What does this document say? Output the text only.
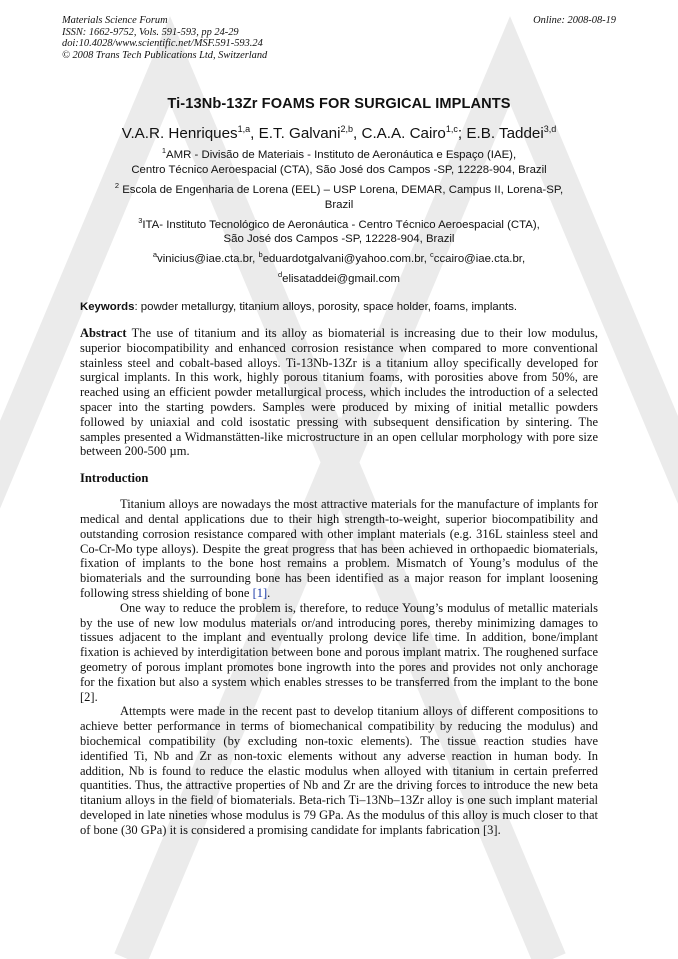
Materials Science Forum
ISSN: 1662-9752, Vols. 591-593, pp 24-29
doi:10.4028/www.scientific.net/MSF.591-593.24
© 2008 Trans Tech Publications Ltd, Switzerland
Online: 2008-08-19
Ti-13Nb-13Zr FOAMS FOR SURGICAL IMPLANTS
V.A.R. Henriques$^{1,a}$, E.T. Galvani$^{2,b}$, C.A.A. Cairo$^{1,c}$; E.B. Taddei$^{3,d}$
$^1$AMR - Divisão de Materiais - Instituto de Aeronáutica e Espaço (IAE),
Centro Técnico Aeroespacial (CTA), São José dos Campos -SP, 12228-904, Brazil
$^2$ Escola de Engenharia de Lorena (EEL) – USP Lorena, DEMAR, Campus II, Lorena-SP,
Brazil
$^3$ITA- Instituto Tecnológico de Aeronáutica - Centro Técnico Aeroespacial (CTA),
São José dos Campos -SP, 12228-904, Brazil
$^a$vinicius@iae.cta.br, $^b$eduardotgalvani@yahoo.com.br, $^c$ccairo@iae.cta.br,
$^d$elisataddei@gmail.com
Keywords: powder metallurgy, titanium alloys, porosity, space holder, foams, implants.
Abstract The use of titanium and its alloy as biomaterial is increasing due to their low modulus, superior biocompatibility and enhanced corrosion resistance when compared to more conventional stainless steel and cobalt-based alloys. Ti-13Nb-13Zr is a titanium alloy specifically developed for surgical implants. In this work, highly porous titanium foams, with porosities above from 50%, are reached using an efficient powder metallurgical process, which includes the introduction of a selected spacer into the starting powders. Samples were produced by mixing of initial metallic powders followed by uniaxial and cold isostatic pressing with subsequent densification by sintering. The samples presented a Widmanstätten-like microstructure in an open cellular morphology with pore size between 200-500 µm.
Introduction

Titanium alloys are nowadays the most attractive materials for the manufacture of implants for medical and dental applications due to their high strength-to-weight, superior biocompatibility and outstanding corrosion resistance compared with other implant materials (e.g. 316L stainless steel and Co-Cr-Mo type alloys). Despite the great progress that has been achieved in orthopaedic biomaterials, fixation of implants to the bone host remains a problem. Mismatch of Young’s modulus of the biomaterials and the surrounding bone has been identified as a major reason for implant loosening following stress shielding of bone [1].

One way to reduce the problem is, therefore, to reduce Young’s modulus of metallic materials by the use of new low modulus materials or/and introducing pores, thereby minimizing damages to tissues adjacent to the implant and eventually prolong device life time. In addition, bone/implant fixation is achieved by interdigitation between bone and porous implant matrix. The roughened surface geometry of porous implant promotes bone ingrowth into the pores and provides not only anchorage for the fixation but also a system which enables stresses to be transferred from the implant to the bone [2].

Attempts were made in the recent past to develop titanium alloys of different compositions to achieve better performance in terms of biomechanical compatibility by reducing the modulus) and biochemical compatibility (by excluding non-toxic elements). The tissue reaction studies have identified Ti, Nb and Zr as non-toxic elements without any adverse reaction in human body. In addition, Nb is found to reduce the elastic modulus when alloyed with titanium in certain preferred quantities. Thus, the attractive properties of Nb and Zr are the driving forces to introduce the new beta titanium alloys in the field of biomaterials. Beta-rich Ti–13Nb–13Zr alloy is one such implant material developed in late nineties whose modulus is 79 GPa. As the modulus of this alloy is much closer to that of bone (30 GPa) it is considered a promising candidate for implants fabrication [3].
